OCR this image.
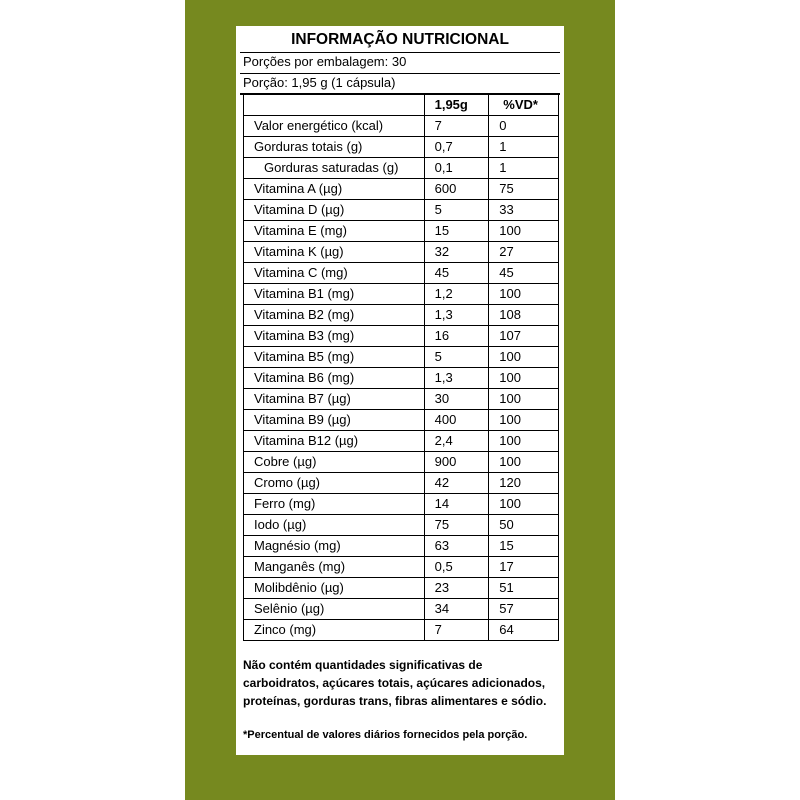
INFORMAÇÃO NUTRICIONAL
Porções por embalagem: 30
Porção: 1,95 g (1 cápsula)
	1,95g	%VD*
Valor energético (kcal)	7	0
Gorduras totais (g)	0,7	1
Gorduras saturadas (g)	0,1	1
Vitamina A (µg)	600	75
Vitamina D (µg)	5	33
Vitamina E (mg)	15	100
Vitamina K (µg)	32	27
Vitamina C (mg)	45	45
Vitamina B1 (mg)	1,2	100
Vitamina B2 (mg)	1,3	108
Vitamina B3 (mg)	16	107
Vitamina B5 (mg)	5	100
Vitamina B6 (mg)	1,3	100
Vitamina B7 (µg)	30	100
Vitamina B9 (µg)	400	100
Vitamina B12 (µg)	2,4	100
Cobre (µg)	900	100
Cromo (µg)	42	120
Ferro (mg)	14	100
Iodo (µg)	75	50
Magnésio (mg)	63	15
Manganês (mg)	0,5	17
Molibdênio (µg)	23	51
Selênio (µg)	34	57
Zinco (mg)	7	64
Não contém quantidades significativas de carboidratos, açúcares totais, açúcares adicionados, proteínas, gorduras trans, fibras alimentares e sódio.
*Percentual de valores diários fornecidos pela porção.
